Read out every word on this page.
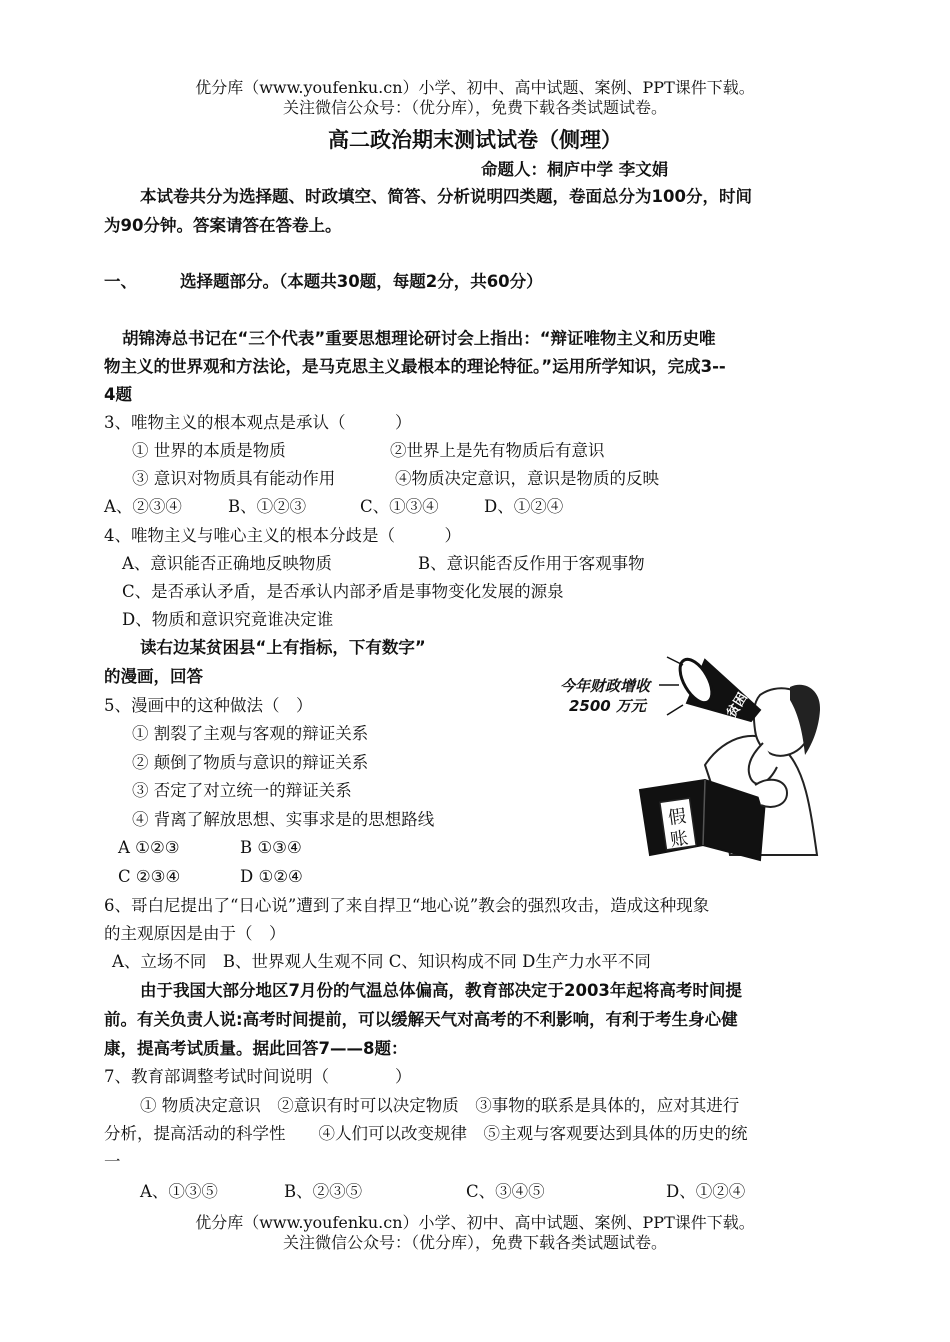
优分库（www.youfenku.cn）小学、初中、高中试题、案例、PPT课件下载。
关注微信公众号：（优分库），免费下载各类试题试卷。
高二政治期末测试试卷（侧理）
命题人：桐庐中学 李文娟
本试卷共分为选择题、时政填空、简答、分析说明四类题，卷面总分为100分，时间
为90分钟。答案请答在答卷上。
一、	选择题部分。（本题共30题，每题2分，共60分）
胡锦涛总书记在“三个代表”重要思想理论研讨会上指出：“辩证唯物主义和历史唯
物主义的世界观和方法论，是马克思主义最根本的理论特征。”运用所学知识，完成3--
4题
3、唯物主义的根本观点是承认（　　　）
① 世界的本质是物质	②世界上是先有物质后有意识
③ 意识对物质具有能动作用	④物质决定意识，意识是物质的反映
A、②③④	B、①②③	C、①③④	D、①②④
4、唯物主义与唯心主义的根本分歧是（　　　）
A、意识能否正确地反映物质	B、意识能否反作用于客观事物
C、是否承认矛盾，是否承认内部矛盾是事物变化发展的源泉
D、物质和意识究竟谁决定谁
读右边某贫困县“上有指标，下有数字”
的漫画，回答
5、漫画中的这种做法（　）
① 割裂了主观与客观的辩证关系
② 颠倒了物质与意识的辩证关系
③ 否定了对立统一的辩证关系
④ 背离了解放思想、实事求是的思想路线
A ①②③	B ①③④
C ②③④	D ①②④
今年财政增收
2500 万元	贫困
假
账
6、哥白尼提出了“日心说”遭到了来自捍卫“地心说”教会的强烈攻击，造成这种现象
的主观原因是由于（　）
A、立场不同　B、世界观人生观不同 C、知识构成不同 D生产力水平不同
由于我国大部分地区7月份的气温总体偏高，教育部决定于2003年起将高考时间提
前。有关负责人说:高考时间提前，可以缓解天气对高考的不利影响，有利于考生身心健
康，提高考试质量。据此回答7——8题：
7、教育部调整考试时间说明（　　　　）
① 物质决定意识　②意识有时可以决定物质　③事物的联系是具体的，应对其进行
分析，提高活动的科学性　　④人们可以改变规律　⑤主观与客观要达到具体的历史的统
一
A、①③⑤	B、②③⑤	C、③④⑤	D、①②④
优分库（www.youfenku.cn）小学、初中、高中试题、案例、PPT课件下载。
关注微信公众号：（优分库），免费下载各类试题试卷。
